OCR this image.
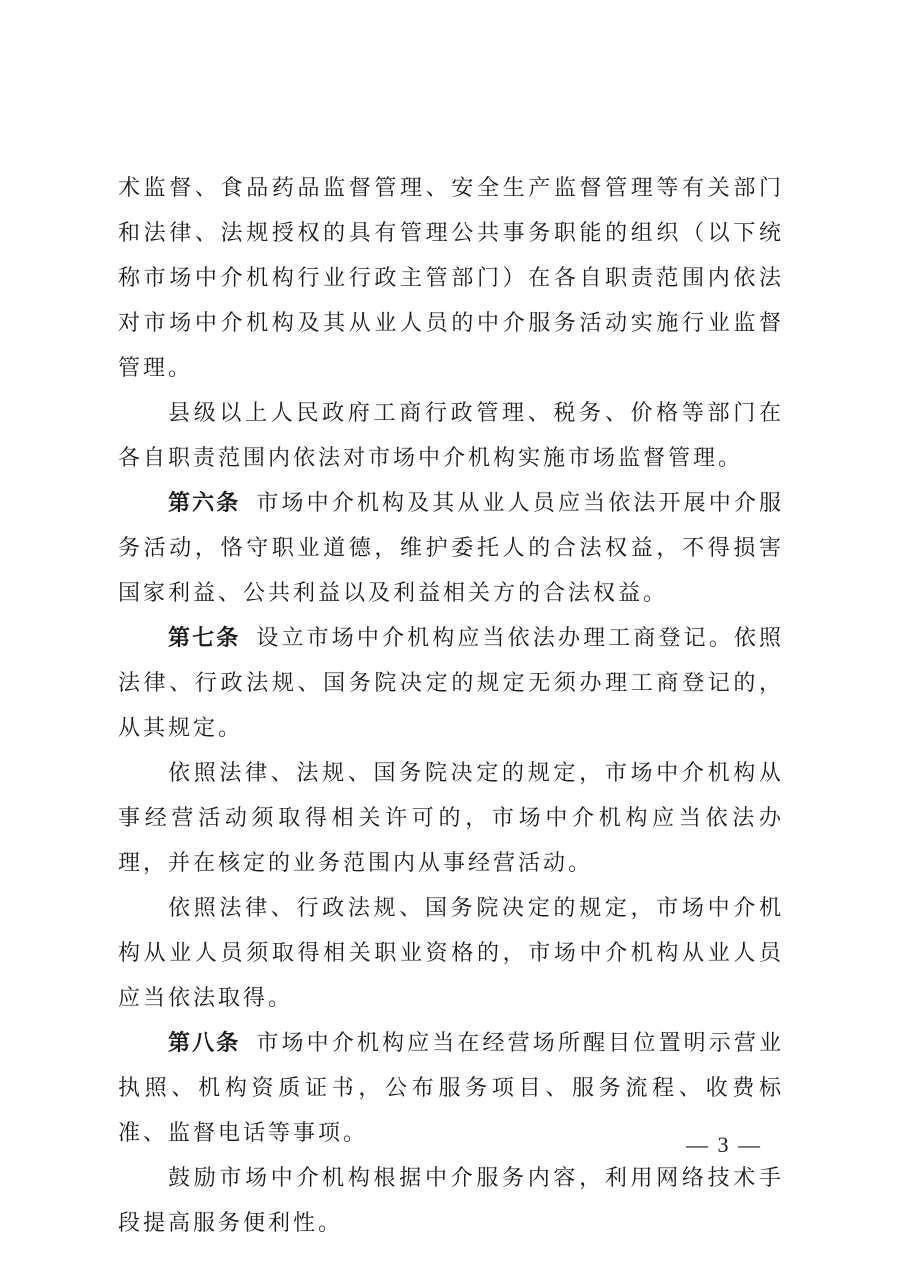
术监督、食品药品监督管理、安全生产监督管理等有关部门和法律、法规授权的具有管理公共事务职能的组织（以下统称市场中介机构行业行政主管部门）在各自职责范围内依法对市场中介机构及其从业人员的中介服务活动实施行业监督管理。

县级以上人民政府工商行政管理、税务、价格等部门在各自职责范围内依法对市场中介机构实施市场监督管理。

第六条 市场中介机构及其从业人员应当依法开展中介服务活动，恪守职业道德，维护委托人的合法权益，不得损害国家利益、公共利益以及利益相关方的合法权益。

第七条 设立市场中介机构应当依法办理工商登记。依照法律、行政法规、国务院决定的规定无须办理工商登记的，从其规定。

依照法律、法规、国务院决定的规定，市场中介机构从事经营活动须取得相关许可的，市场中介机构应当依法办理，并在核定的业务范围内从事经营活动。

依照法律、行政法规、国务院决定的规定，市场中介机构从业人员须取得相关职业资格的，市场中介机构从业人员应当依法取得。

第八条 市场中介机构应当在经营场所醒目位置明示营业执照、机构资质证书，公布服务项目、服务流程、收费标准、监督电话等事项。

鼓励市场中介机构根据中介服务内容，利用网络技术手段提高服务便利性。

— 3 —
